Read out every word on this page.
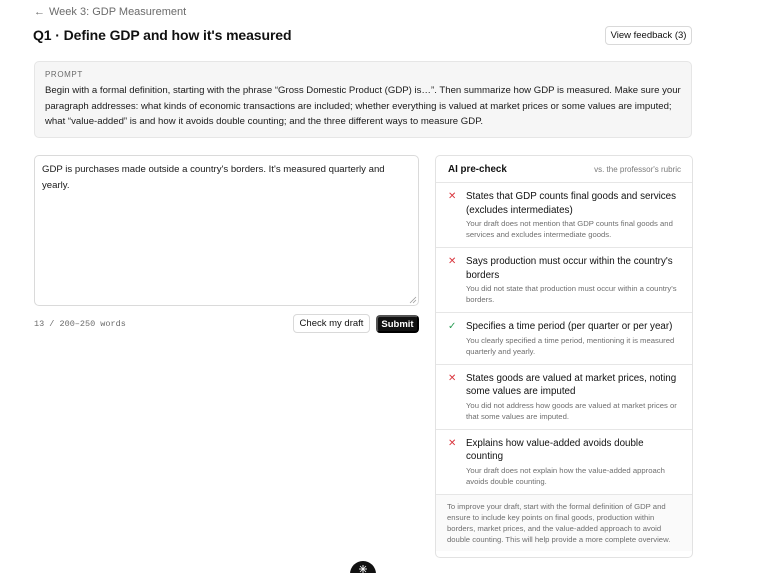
← Week 3: GDP Measurement
Q1 · Define GDP and how it's measured	View feedback (3)
PROMPT
Begin with a formal definition, starting with the phrase “Gross Domestic Product (GDP) is…”. Then summarize how GDP is measured. Make sure your paragraph addresses: what kinds of economic transactions are included; whether everything is valued at market prices or some values are imputed; what “value-added” is and how it avoids double counting; and the three different ways to measure GDP.
GDP is purchases made outside a country's borders. It's measured quarterly and yearly.
13 / 200–250 words	Check my draft	Submit
AI pre-check	vs. the professor's rubric
✕ States that GDP counts final goods and services (excludes intermediates)
Your draft does not mention that GDP counts final goods and services and excludes intermediate goods.
✕ Says production must occur within the country's borders
You did not state that production must occur within a country's borders.
✓ Specifies a time period (per quarter or per year)
You clearly specified a time period, mentioning it is measured quarterly and yearly.
✕ States goods are valued at market prices, noting some values are imputed
You did not address how goods are valued at market prices or that some values are imputed.
✕ Explains how value-added avoids double counting
Your draft does not explain how the value-added approach avoids double counting.
To improve your draft, start with the formal definition of GDP and ensure to include key points on final goods, production within borders, market prices, and the value-added approach to avoid double counting. This will help provide a more complete overview.
